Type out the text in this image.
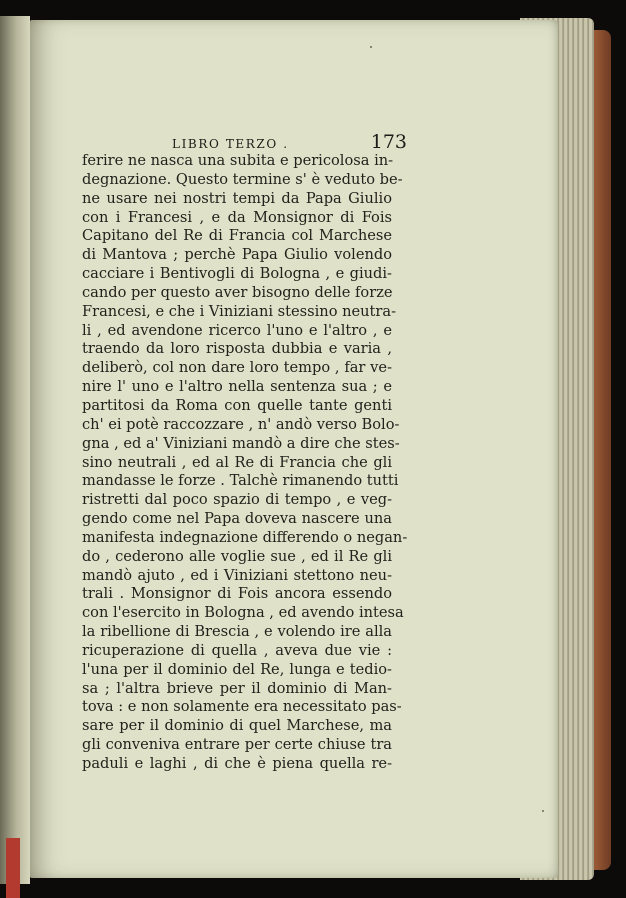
LIBRO TERZO .	173
ferire ne nasca una subita e pericolosa in-
degnazione. Questo termine s' è veduto be-
ne usare nei nostri tempi da Papa Giulio
con i Francesi , e da Monsignor di Fois
Capitano del Re di Francia col Marchese
di Mantova ; perchè Papa Giulio volendo
cacciare i Bentivogli di Bologna , e giudi-
cando per questo aver bisogno delle forze
Francesi, e che i Viniziani stessino neutra-
li , ed avendone ricerco l'uno e l'altro , e
traendo da loro risposta dubbia e varia ,
deliberò, col non dare loro tempo , far ve-
nire l' uno e l'altro nella sentenza sua ; e
partitosi da Roma con quelle tante genti
ch' ei potè raccozzare , n' andò verso Bolo-
gna , ed a' Viniziani mandò a dire che stes-
sino neutrali , ed al Re di Francia che gli
mandasse le forze . Talchè rimanendo tutti
ristretti dal poco spazio di tempo , e veg-
gendo come nel Papa doveva nascere una
manifesta indegnazione differendo o negan-
do , cederono alle voglie sue , ed il Re gli
mandò ajuto , ed i Viniziani stettono neu-
trali . Monsignor di Fois ancora essendo
con l'esercito in Bologna , ed avendo intesa
la ribellione di Brescia , e volendo ire alla
ricuperazione di quella , aveva due vie :
l'una per il dominio del Re, lunga e tedio-
sa ; l'altra brieve per il dominio di Man-
tova : e non solamente era necessitato pas-
sare per il dominio di quel Marchese, ma
gli conveniva entrare per certe chiuse tra
paduli e laghi , di che è piena quella re-
